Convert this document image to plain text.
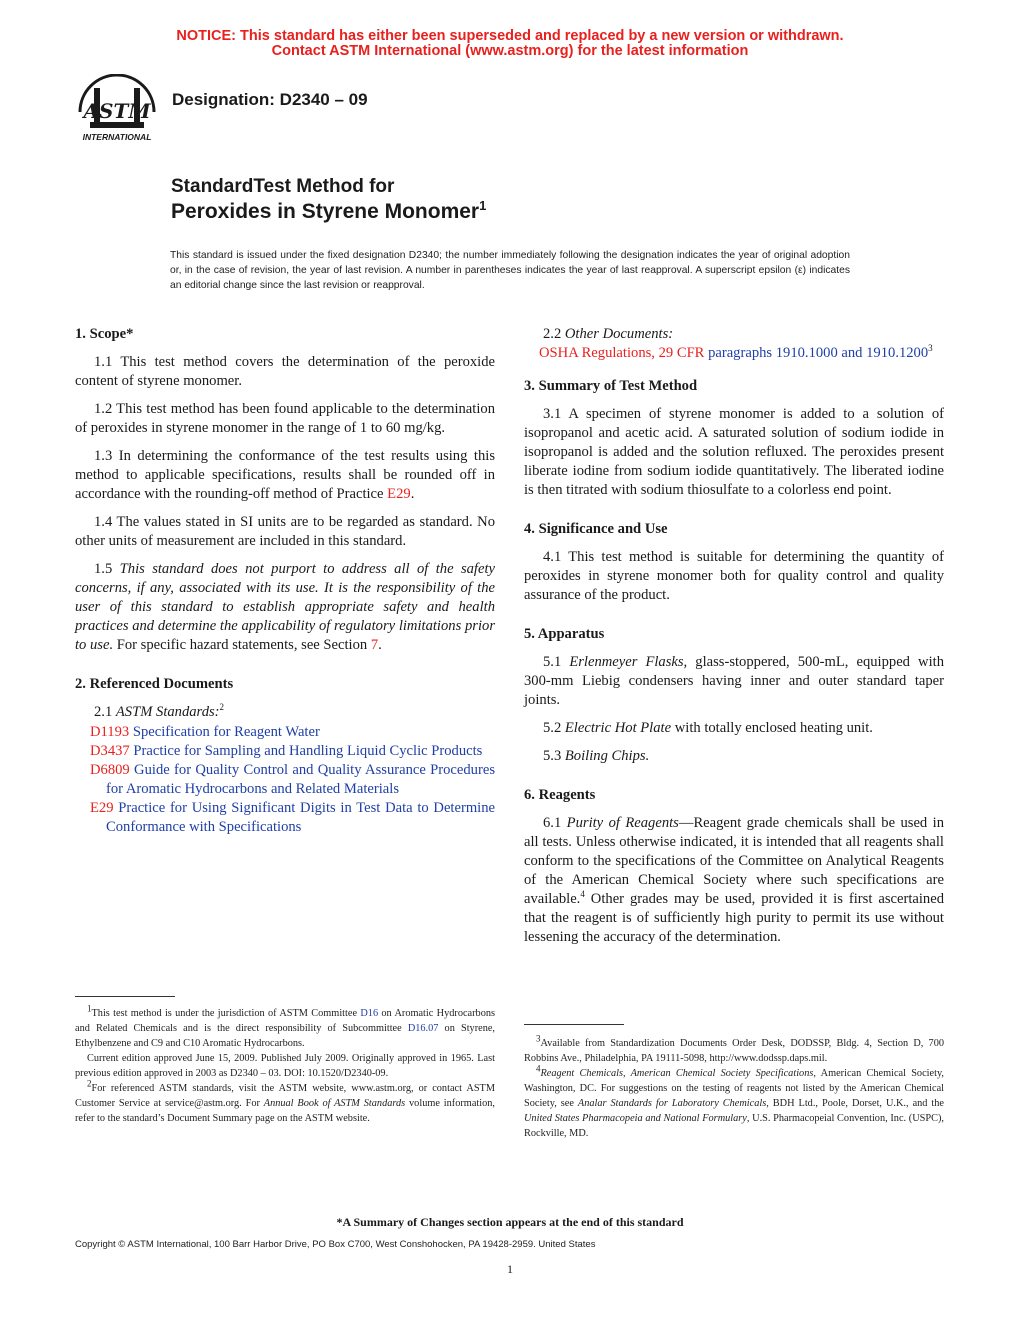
NOTICE: This standard has either been superseded and replaced by a new version or withdrawn.
Contact ASTM International (www.astm.org) for the latest information
ASTM
INTERNATIONAL
Designation: D2340 – 09
StandardTest Method for
Peroxides in Styrene Monomer$^1$
This standard is issued under the fixed designation D2340; the number immediately following the designation indicates the year of original adoption or, in the case of revision, the year of last revision. A number in parentheses indicates the year of last reapproval. A superscript epsilon (ε) indicates an editorial change since the last revision or reapproval.
1. Scope*

1.1 This test method covers the determination of the peroxide content of styrene monomer.

1.2 This test method has been found applicable to the determination of peroxides in styrene monomer in the range of 1 to 60 mg/kg.

1.3 In determining the conformance of the test results using this method to applicable specifications, results shall be rounded off in accordance with the rounding-off method of Practice E29.

1.4 The values stated in SI units are to be regarded as standard. No other units of measurement are included in this standard.

1.5 This standard does not purport to address all of the safety concerns, if any, associated with its use. It is the responsibility of the user of this standard to establish appropriate safety and health practices and determine the applicability of regulatory limitations prior to use. For specific hazard statements, see Section 7.

2. Referenced Documents

2.1 ASTM Standards:$^2$

D1193 Specification for Reagent Water
D3437 Practice for Sampling and Handling Liquid Cyclic Products
D6809 Guide for Quality Control and Quality Assurance Procedures for Aromatic Hydrocarbons and Related Materials
E29 Practice for Using Significant Digits in Test Data to Determine Conformance with Specifications

$^1$This test method is under the jurisdiction of ASTM Committee D16 on Aromatic Hydrocarbons and Related Chemicals and is the direct responsibility of Subcommittee D16.07 on Styrene, Ethylbenzene and C9 and C10 Aromatic Hydrocarbons.

Current edition approved June 15, 2009. Published July 2009. Originally approved in 1965. Last previous edition approved in 2003 as D2340 – 03. DOI: 10.1520/D2340-09.

$^2$For referenced ASTM standards, visit the ASTM website, www.astm.org, or contact ASTM Customer Service at service@astm.org. For Annual Book of ASTM Standards volume information, refer to the standard’s Document Summary page on the ASTM website.

2.2 Other Documents:

OSHA Regulations, 29 CFR paragraphs 1910.1000 and 1910.1200$^3$
3. Summary of Test Method

3.1 A specimen of styrene monomer is added to a solution of isopropanol and acetic acid. A saturated solution of sodium iodide in isopropanol is added and the solution refluxed. The peroxides present liberate iodine from sodium iodide quantitatively. The liberated iodine is then titrated with sodium thiosulfate to a colorless end point.

4. Significance and Use

4.1 This test method is suitable for determining the quantity of peroxides in styrene monomer both for quality control and quality assurance of the product.

5. Apparatus

5.1 Erlenmeyer Flasks, glass-stoppered, 500-mL, equipped with 300-mm Liebig condensers having inner and outer standard taper joints.

5.2 Electric Hot Plate with totally enclosed heating unit.

5.3 Boiling Chips.

6. Reagents

6.1 Purity of Reagents—Reagent grade chemicals shall be used in all tests. Unless otherwise indicated, it is intended that all reagents shall conform to the specifications of the Committee on Analytical Reagents of the American Chemical Society where such specifications are available.$^4$ Other grades may be used, provided it is first ascertained that the reagent is of sufficiently high purity to permit its use without lessening the accuracy of the determination.

$^3$Available from Standardization Documents Order Desk, DODSSP, Bldg. 4, Section D, 700 Robbins Ave., Philadelphia, PA 19111-5098, http://www.dodssp.daps.mil.

$^4$Reagent Chemicals, American Chemical Society Specifications, American Chemical Society, Washington, DC. For suggestions on the testing of reagents not listed by the American Chemical Society, see Analar Standards for Laboratory Chemicals, BDH Ltd., Poole, Dorset, U.K., and the United States Pharmacopeia and National Formulary, U.S. Pharmacopeial Convention, Inc. (USPC), Rockville, MD.

*A Summary of Changes section appears at the end of this standard
Copyright © ASTM International, 100 Barr Harbor Drive, PO Box C700, West Conshohocken, PA 19428-2959. United States
1
